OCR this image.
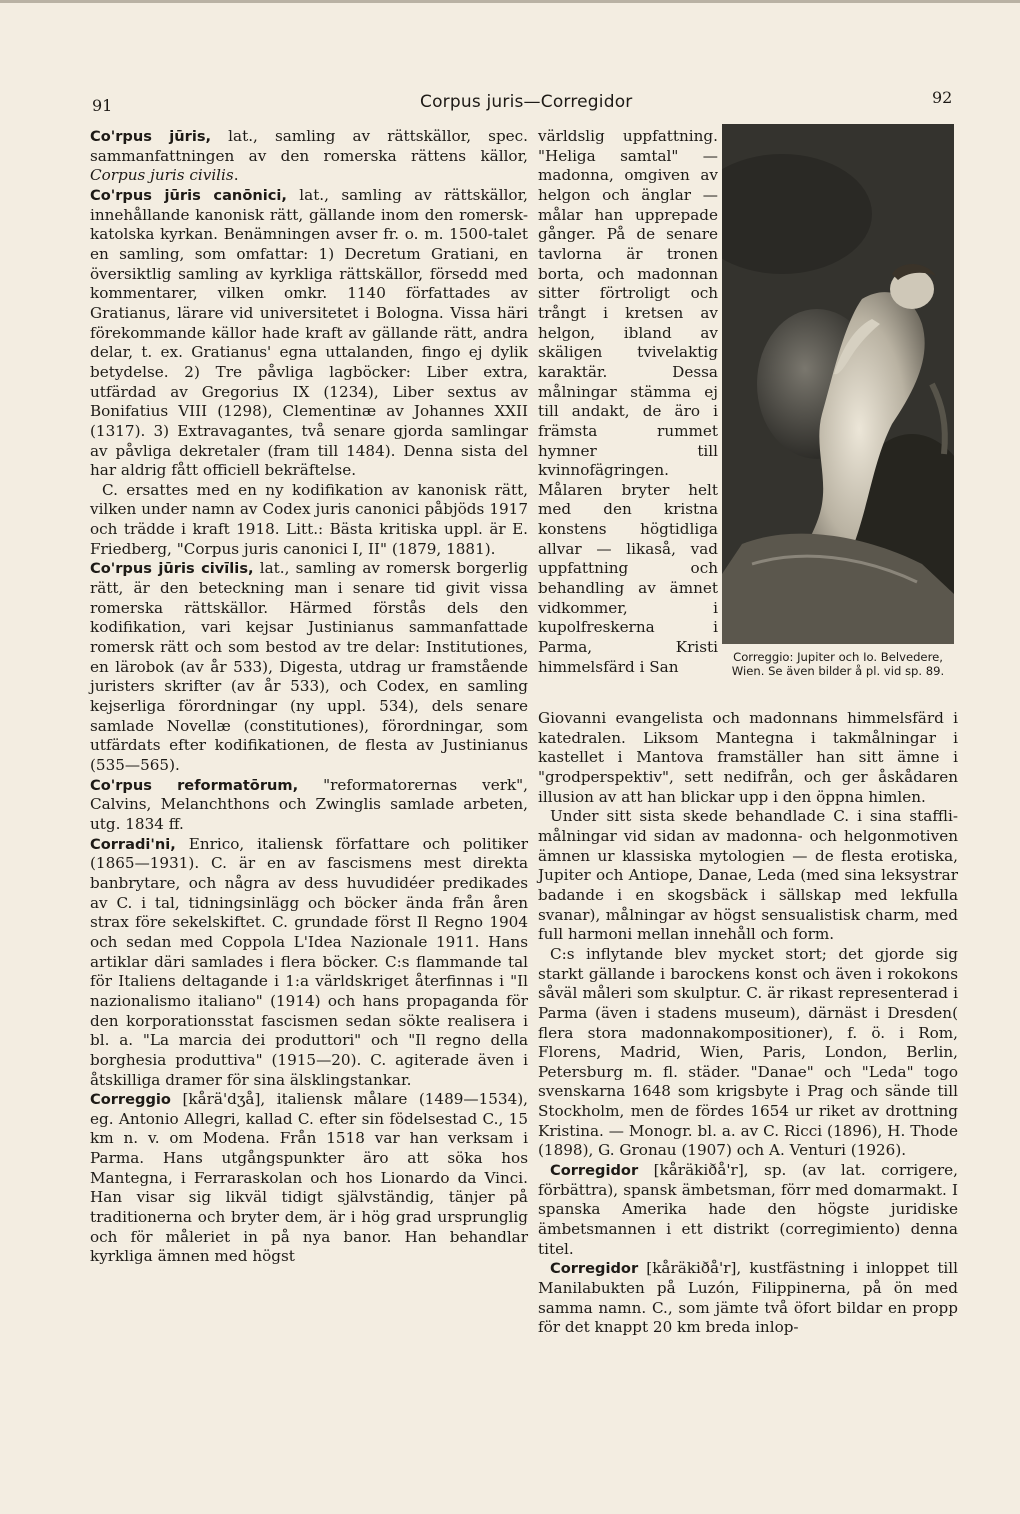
91	Corpus juris—Corregidor	92

Co'rpus jūris, lat., samling av rättskällor, spec. sammanfattningen av den romerska rättens källor, Corpus juris civilis.

Co'rpus jūris canōnici, lat., samling av rättskällor, innehållande kanonisk rätt, gällande inom den romersk-katolska kyrkan. Benämningen avser fr. o. m. 1500-talet en samling, som omfattar: 1) Decretum Gratiani, en översiktlig samling av kyrkliga rättskällor, försedd med kommentarer, vilken omkr. 1140 författades av Gratianus, lärare vid universitetet i Bologna. Vissa häri förekommande källor hade kraft av gällande rätt, andra delar, t. ex. Gratianus' egna uttalanden, fingo ej dylik betydelse. 2) Tre påvliga lagböcker: Liber extra, utfärdad av Gregorius IX (1234), Liber sextus av Bonifatius VIII (1298), Clementinæ av Johannes XXII (1317). 3) Extravagantes, två senare gjorda samlingar av påvliga dekretaler (fram till 1484). Denna sista del har aldrig fått officiell bekräftelse.

C. ersattes med en ny kodifikation av kanonisk rätt, vilken under namn av Codex juris canonici påbjöds 1917 och trädde i kraft 1918. Litt.: Bästa kritiska uppl. är E. Friedberg, "Corpus juris canonici I, II" (1879, 1881).

Co'rpus jūris civīlis, lat., samling av romersk borgerlig rätt, är den beteckning man i senare tid givit vissa romerska rättskällor. Härmed förstås dels den kodifikation, vari kejsar Justinianus sammanfattade romersk rätt och som bestod av tre delar: Institutiones, en lärobok (av år 533), Digesta, utdrag ur framstående juristers skrifter (av år 533), och Codex, en samling kejserliga förordningar (ny uppl. 534), dels senare samlade Novellæ (constitutiones), förordningar, som utfärdats efter kodifikationen, de flesta av Justinianus (535—565).

Co'rpus reformatōrum, "reformatorernas verk", Calvins, Melanchthons och Zwinglis samlade arbeten, utg. 1834 ff.

Corradi'ni, Enrico, italiensk författare och politiker (1865—1931). C. är en av fascismens mest direkta banbrytare, och några av dess huvudidéer predikades av C. i tal, tidningsinlägg och böcker ända från åren strax före sekelskiftet. C. grundade först Il Regno 1904 och sedan med Coppola L'Idea Nazionale 1911. Hans artiklar däri samlades i flera böcker. C:s flammande tal för Italiens deltagande i 1:a världskriget återfinnas i "Il nazionalismo italiano" (1914) och hans propaganda för den korporationsstat fascismen sedan sökte realisera i bl. a. "La marcia dei produttori" och "Il regno della borghesia produttiva" (1915—20). C. agiterade även i åtskilliga dramer för sina älsklingstankar.

Correggio [kårä'dʒå], italiensk målare (1489—1534), eg. Antonio Allegri, kallad C. efter sin födelsestad C., 15 km n. v. om Modena. Från 1518 var han verksam i Parma. Hans utgångspunkter äro att söka hos Mantegna, i Ferraraskolan och hos Lionardo da Vinci. Han visar sig likväl tidigt självständig, tänjer på traditionerna och bryter dem, är i hög grad ursprunglig och för måleriet in på nya banor. Han behandlar kyrkliga ämnen med högst

världslig uppfattning. "Heliga samtal" — madonna, omgiven av helgon och änglar — målar han upprepade gånger. På de senare tavlorna är tronen borta, och madonnan sitter förtroligt och trångt i kretsen av helgon, ibland av skäligen tvivelaktig karaktär. Dessa målningar stämma ej till andakt, de äro i främsta rummet hymner till kvinnofägringen. Målaren bryter helt med den kristna konstens högtidliga allvar — likaså, vad uppfattning och behandling av ämnet vidkommer, i kupolfreskerna i Parma, Kristi himmelsfärd i San

Correggio: Jupiter och Io. Belvedere, Wien. Se även bilder å pl. vid sp. 89.

Giovanni evangelista och madonnans himmelsfärd i katedralen. Liksom Mantegna i takmålningar i kastellet i Mantova framställer han sitt ämne i "grodperspektiv", sett nedifrån, och ger åskådaren illusion av att han blickar upp i den öppna himlen.

Under sitt sista skede behandlade C. i sina stafflimålningar vid sidan av madonna- och helgonmotiven ämnen ur klassiska mytologien — de flesta erotiska, Jupiter och Antiope, Danae, Leda (med sina leksystrar badande i en skogsbäck i sällskap med lekfulla svanar), målningar av högst sensualistisk charm, med full harmoni mellan innehåll och form.

C:s inflytande blev mycket stort; det gjorde sig starkt gällande i barockens konst och även i rokokons såväl måleri som skulptur. C. är rikast representerad i Parma (även i stadens museum), därnäst i Dresden( flera stora madonnakompositioner), f. ö. i Rom, Florens, Madrid, Wien, Paris, London, Berlin, Petersburg m. fl. städer. "Danae" och "Leda" togo svenskarna 1648 som krigsbyte i Prag och sände till Stockholm, men de fördes 1654 ur riket av drottning Kristina. — Monogr. bl. a. av C. Ricci (1896), H. Thode (1898), G. Gronau (1907) och A. Venturi (1926).

Corregidor [kåräkiðå'r], sp. (av lat. corrigere, förbättra), spansk ämbetsman, förr med domarmakt. I spanska Amerika hade den högste juridiske ämbetsmannen i ett distrikt (corregimiento) denna titel.

Corregidor [kåräkiðå'r], kustfästning i inloppet till Manilabukten på Luzón, Filippinerna, på ön med samma namn. C., som jämte två öfort bildar en propp för det knappt 20 km breda inlop-
